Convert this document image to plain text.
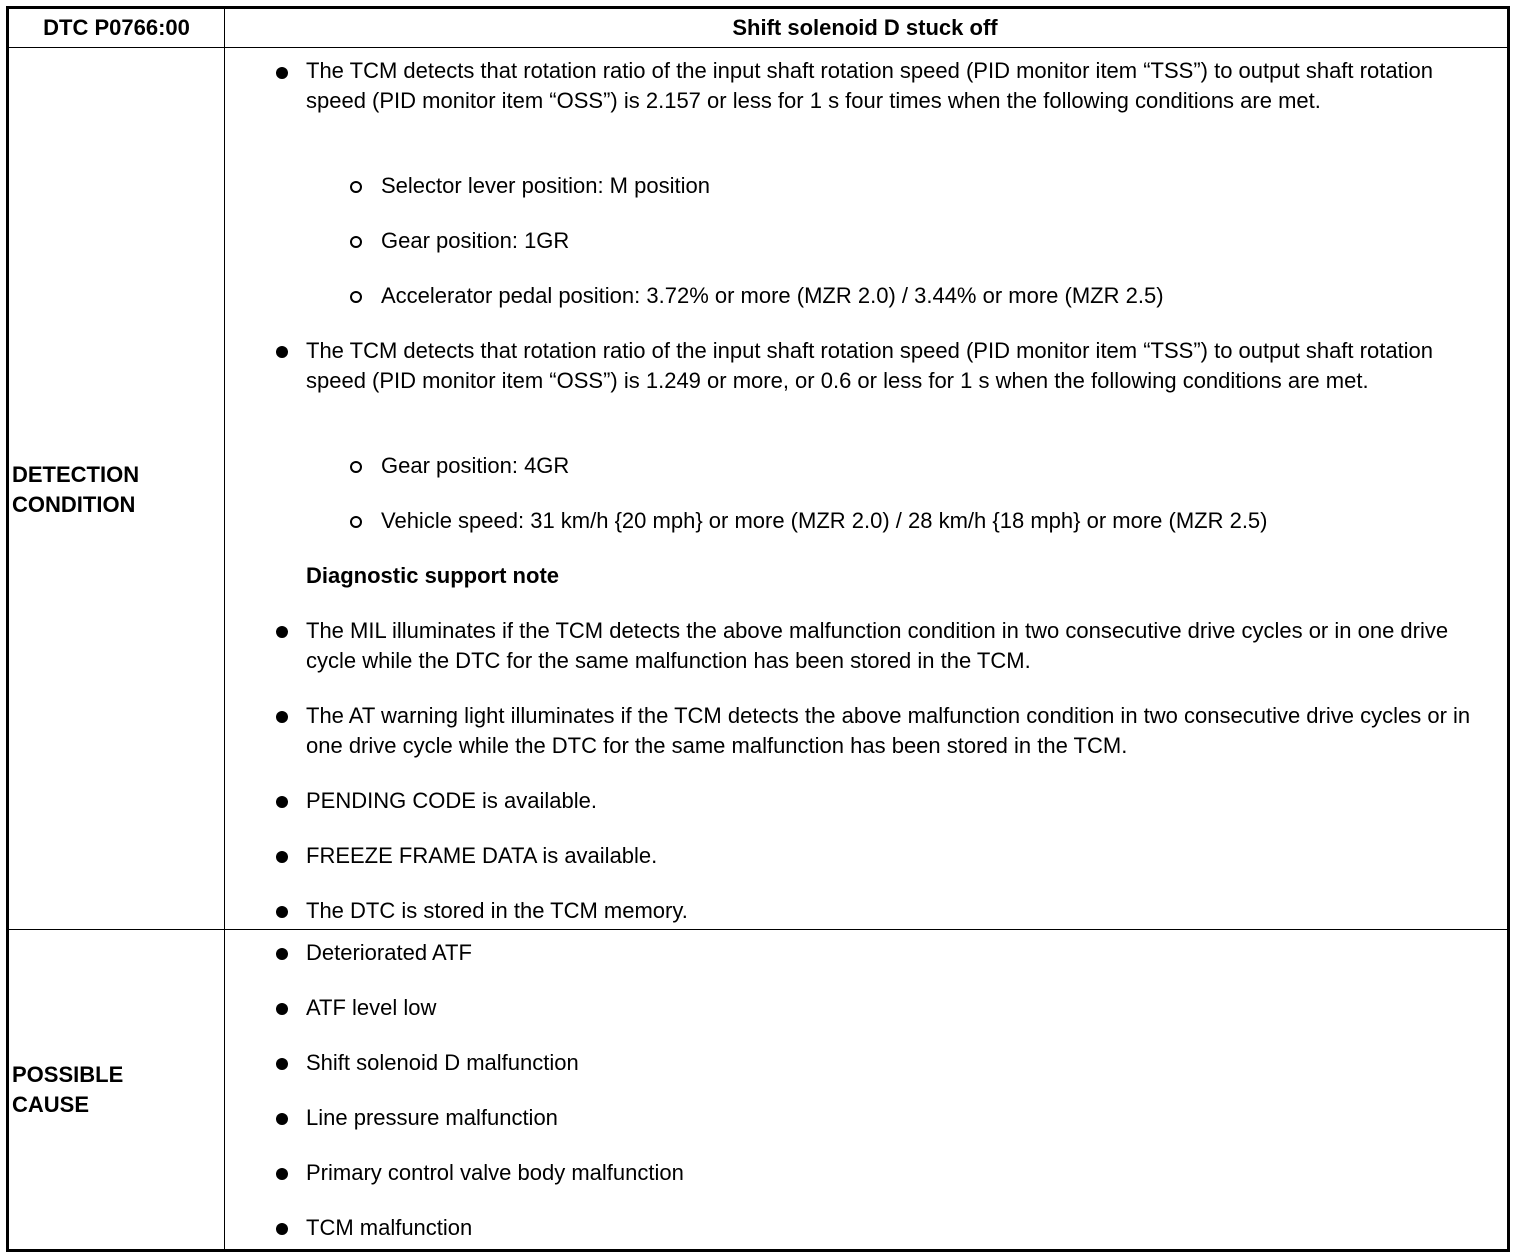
DTC P0766:00	Shift solenoid D stuck off
DETECTION
CONDITION
The TCM detects that rotation ratio of the input shaft rotation speed (PID monitor item “TSS”) to output shaft rotation speed (PID monitor item “OSS”) is 2.157 or less for 1 s four times when the following conditions are met.
Selector lever position: M position
Gear position: 1GR
Accelerator pedal position: 3.72% or more (MZR 2.0) / 3.44% or more (MZR 2.5)
The TCM detects that rotation ratio of the input shaft rotation speed (PID monitor item “TSS”) to output shaft rotation speed (PID monitor item “OSS”) is 1.249 or more, or 0.6 or less for 1 s when the following conditions are met.
Gear position: 4GR
Vehicle speed: 31 km/h {20 mph} or more (MZR 2.0) / 28 km/h {18 mph} or more (MZR 2.5)
Diagnostic support note
The MIL illuminates if the TCM detects the above malfunction condition in two consecutive drive cycles or in one drive cycle while the DTC for the same malfunction has been stored in the TCM.
The AT warning light illuminates if the TCM detects the above malfunction condition in two consecutive drive cycles or in one drive cycle while the DTC for the same malfunction has been stored in the TCM.
PENDING CODE is available.
FREEZE FRAME DATA is available.
The DTC is stored in the TCM memory.
POSSIBLE
CAUSE
Deteriorated ATF
ATF level low
Shift solenoid D malfunction
Line pressure malfunction
Primary control valve body malfunction
TCM malfunction
